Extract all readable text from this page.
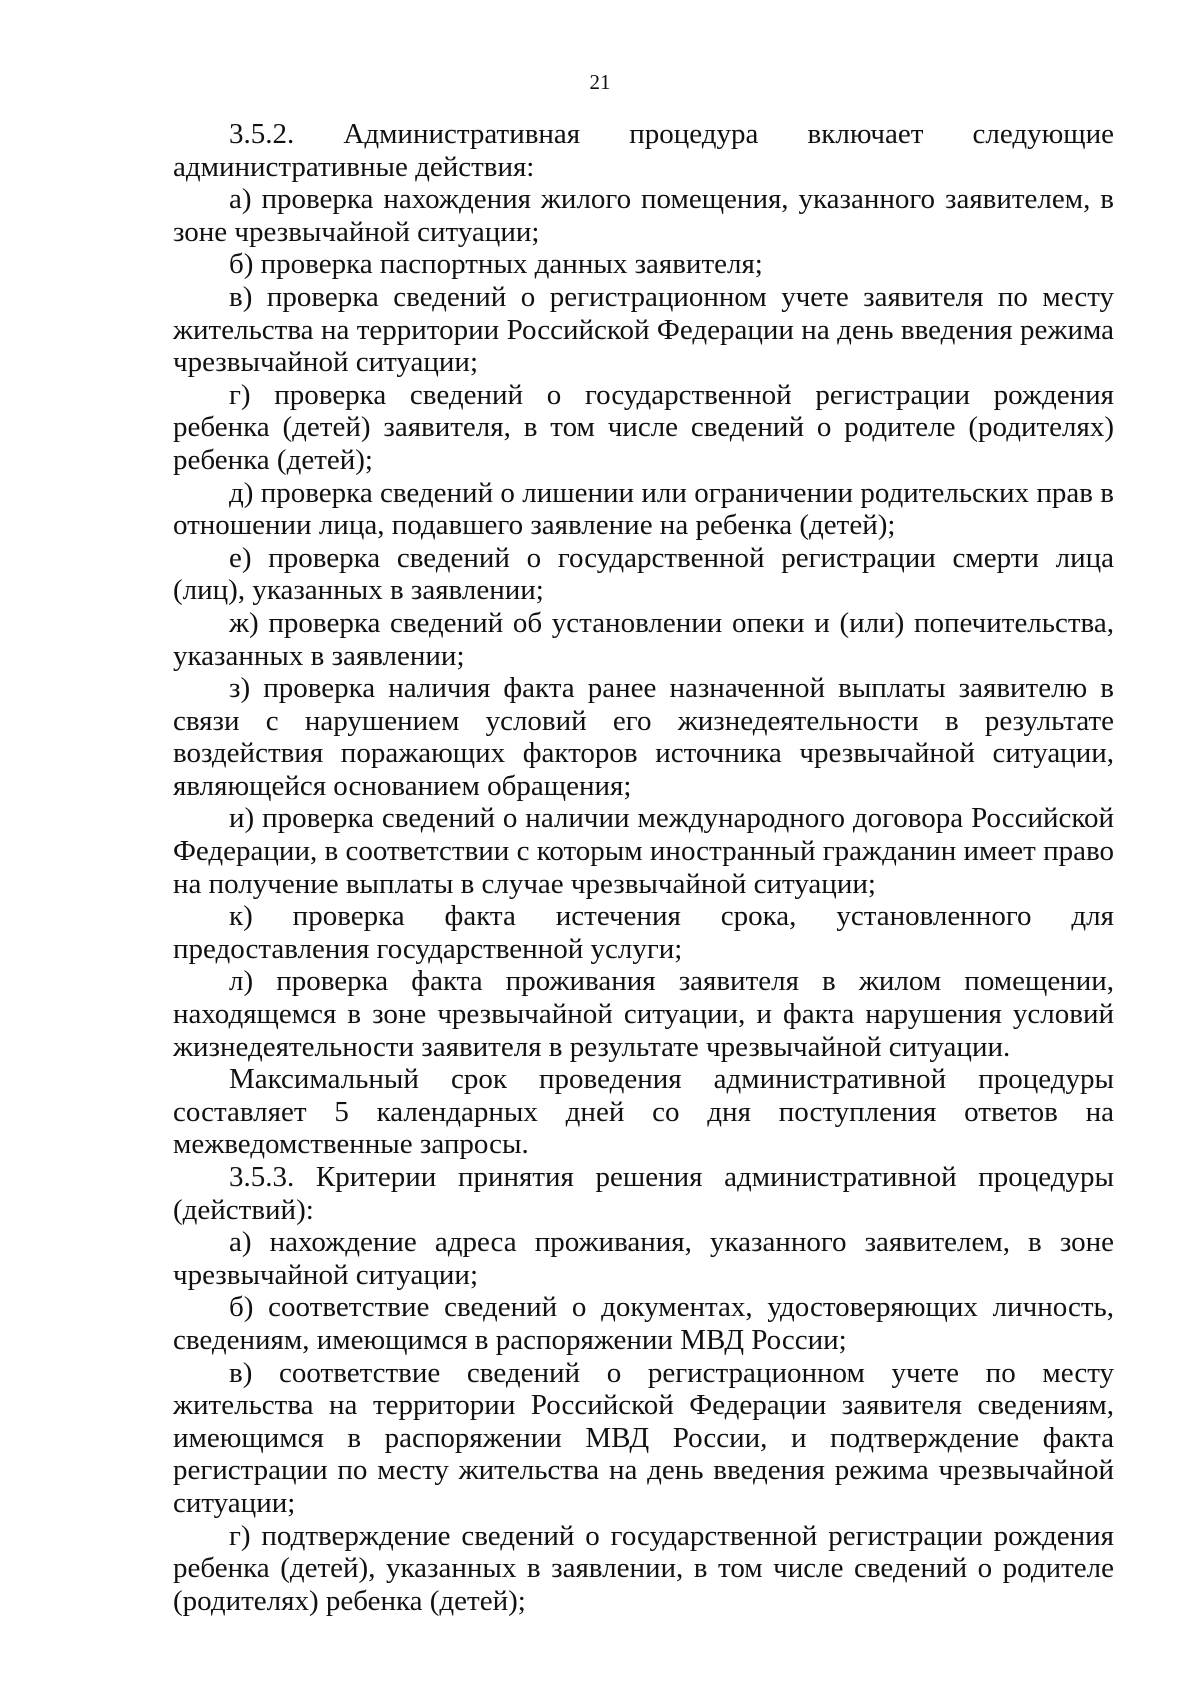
21

3.5.2. Административная процедура включает следующие административные действия:

а) проверка нахождения жилого помещения, указанного заявителем, в зоне чрезвычайной ситуации;

б) проверка паспортных данных заявителя;

в) проверка сведений о регистрационном учете заявителя по месту жительства на территории Российской Федерации на день введения режима чрезвычайной ситуации;

г) проверка сведений о государственной регистрации рождения ребенка (детей) заявителя, в том числе сведений о родителе (родителях) ребенка (детей);

д) проверка сведений о лишении или ограничении родительских прав в отношении лица, подавшего заявление на ребенка (детей);

е) проверка сведений о государственной регистрации смерти лица (лиц), указанных в заявлении;

ж) проверка сведений об установлении опеки и (или) попечительства, указанных в заявлении;

з) проверка наличия факта ранее назначенной выплаты заявителю в связи с нарушением условий его жизнедеятельности в результате воздействия поражающих факторов источника чрезвычайной ситуации, являющейся основанием обращения;

и) проверка сведений о наличии международного договора Российской Федерации, в соответствии с которым иностранный гражданин имеет право на получение выплаты в случае чрезвычайной ситуации;

к) проверка факта истечения срока, установленного для предоставления государственной услуги;

л) проверка факта проживания заявителя в жилом помещении, находящемся в зоне чрезвычайной ситуации, и факта нарушения условий жизнедеятельности заявителя в результате чрезвычайной ситуации.

Максимальный срок проведения административной процедуры составляет 5 календарных дней со дня поступления ответов на межведомственные запросы.

3.5.3. Критерии принятия решения административной процедуры (действий):

а) нахождение адреса проживания, указанного заявителем, в зоне чрезвычайной ситуации;

б) соответствие сведений о документах, удостоверяющих личность, сведениям, имеющимся в распоряжении МВД России;

в) соответствие сведений о регистрационном учете по месту жительства на территории Российской Федерации заявителя сведениям, имеющимся в распоряжении МВД России, и подтверждение факта регистрации по месту жительства на день введения режима чрезвычайной ситуации;

г) подтверждение сведений о государственной регистрации рождения ребенка (детей), указанных в заявлении, в том числе сведений о родителе (родителях) ребенка (детей);
